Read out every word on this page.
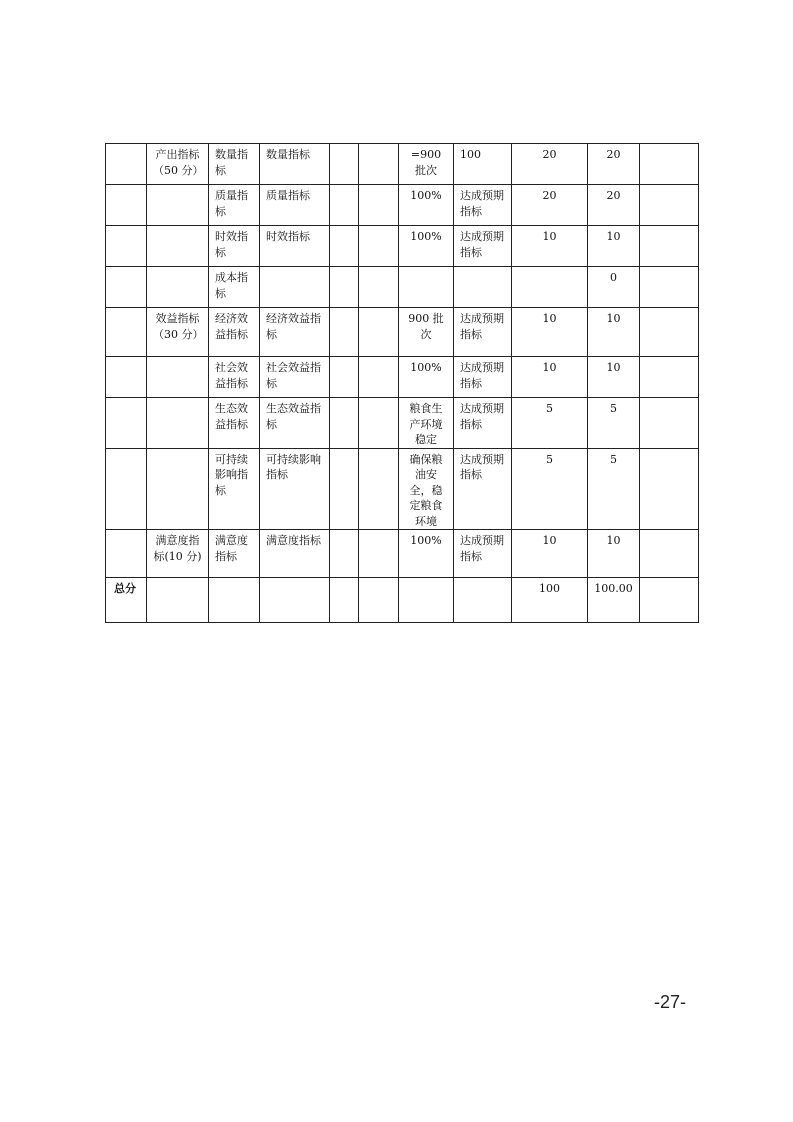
	产出指标（50 分）	数量指标	数量指标			=900 批次	100	20	20	
		质量指标	质量指标			100%	达成预期指标	20	20	
		时效指标	时效指标			100%	达成预期指标	10	10	
		成本指标							0	
	效益指标（30 分）	经济效益指标	经济效益指标			900 批次	达成预期指标	10	10	
		社会效益指标	社会效益指标			100%	达成预期指标	10	10	
		生态效益指标	生态效益指标			粮食生产环境稳定	达成预期指标	5	5	
		可持续影响指标	可持续影响指标			确保粮油安全，稳定粮食环境	达成预期指标	5	5	
	满意度指标(10 分)	满意度指标	满意度指标			100%	达成预期指标	10	10	
总分								100	100.00	
-27-
